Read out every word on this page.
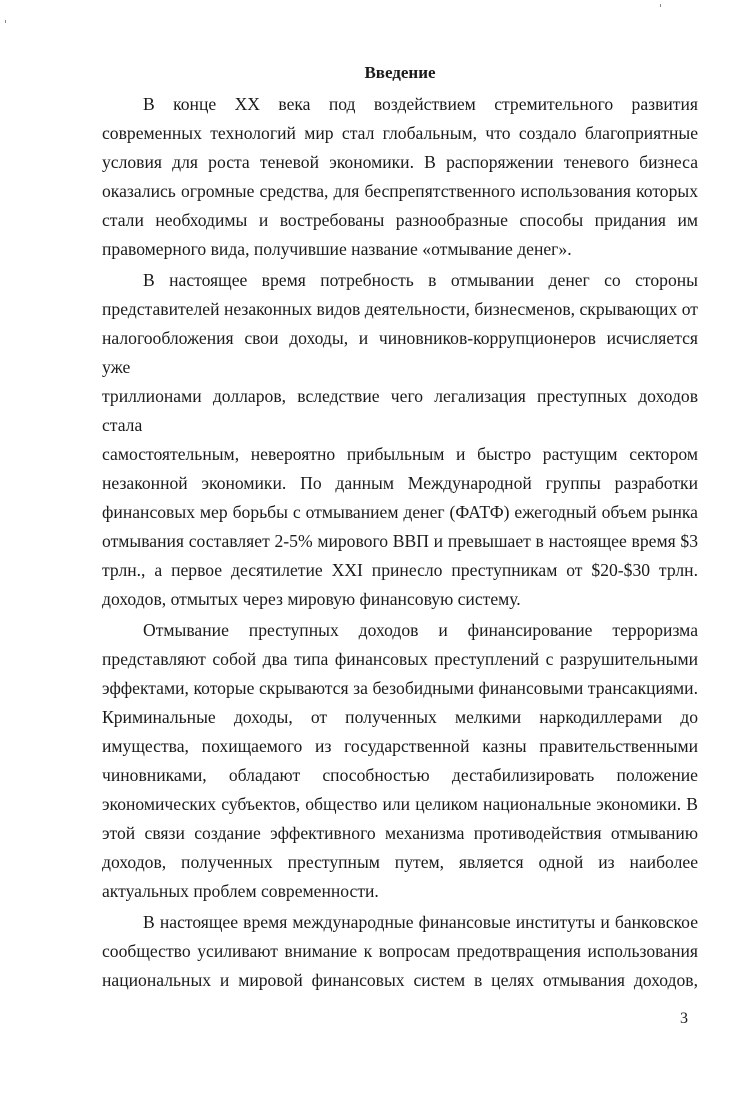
Введение
В конце XX века под воздействием стремительного развития
современных технологий мир стал глобальным, что создало благоприятные
условия для роста теневой экономики. В распоряжении теневого бизнеса
оказались огромные средства, для беспрепятственного использования которых
стали необходимы и востребованы разнообразные способы придания им
правомерного вида, получившие название «отмывание денег».
В настоящее время потребность в отмывании денег со стороны
представителей незаконных видов деятельности, бизнесменов, скрывающих от
налогообложения свои доходы, и чиновников-коррупционеров исчисляется уже
триллионами долларов, вследствие чего легализация преступных доходов стала
самостоятельным, невероятно прибыльным и быстро растущим сектором
незаконной экономики. По данным Международной группы разработки
финансовых мер борьбы с отмыванием денег (ФАТФ) ежегодный объем рынка
отмывания составляет 2-5% мирового ВВП и превышает в настоящее время $3
трлн., а первое десятилетие XXI принесло преступникам от $20-$30 трлн.
доходов, отмытых через мировую финансовую систему.
Отмывание преступных доходов и финансирование терроризма
представляют собой два типа финансовых преступлений с разрушительными
эффектами, которые скрываются за безобидными финансовыми трансакциями.
Криминальные доходы, от полученных мелкими наркодиллерами до
имущества, похищаемого из государственной казны правительственными
чиновниками, обладают способностью дестабилизировать положение
экономических субъектов, общество или целиком национальные экономики. В
этой связи создание эффективного механизма противодействия отмыванию
доходов, полученных преступным путем, является одной из наиболее
актуальных проблем современности.
В настоящее время международные финансовые институты и банковское
сообщество усиливают внимание к вопросам предотвращения использования
национальных и мировой финансовых систем в целях отмывания доходов,
3
